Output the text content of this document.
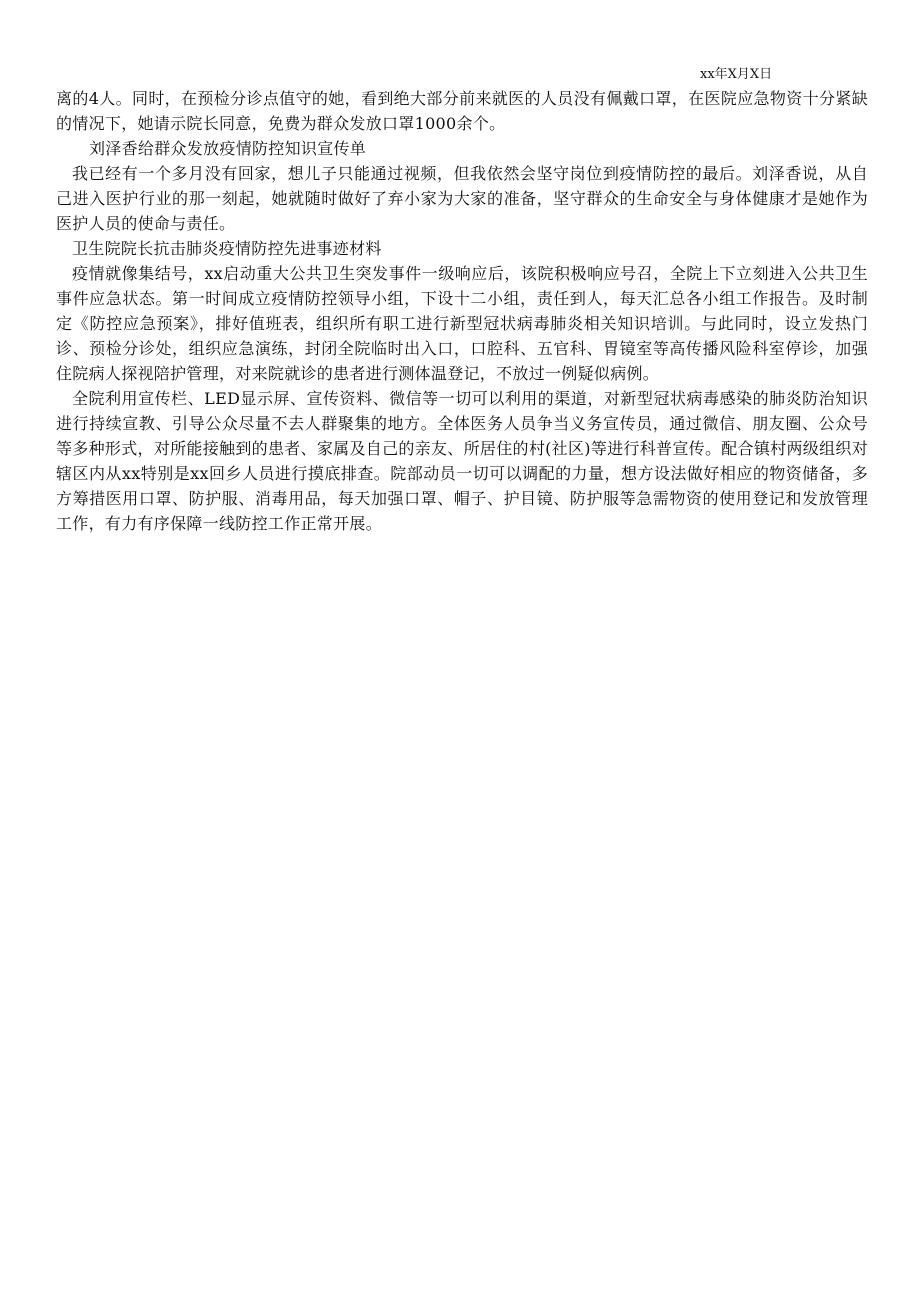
xx年X月X日

离的4人。同时，在预检分诊点值守的她，看到绝大部分前来就医的人员没有佩戴口罩，在医院应急物资十分紧缺的情况下，她请示院长同意，免费为群众发放口罩1000余个。

刘泽香给群众发放疫情防控知识宣传单

我已经有一个多月没有回家，想儿子只能通过视频，但我依然会坚守岗位到疫情防控的最后。刘泽香说，从自己进入医护行业的那一刻起，她就随时做好了弃小家为大家的准备，坚守群众的生命安全与身体健康才是她作为医护人员的使命与责任。

卫生院院长抗击肺炎疫情防控先进事迹材料

疫情就像集结号，xx启动重大公共卫生突发事件一级响应后，该院积极响应号召，全院上下立刻进入公共卫生事件应急状态。第一时间成立疫情防控领导小组，下设十二小组，责任到人，每天汇总各小组工作报告。及时制定《防控应急预案》，排好值班表，组织所有职工进行新型冠状病毒肺炎相关知识培训。与此同时，设立发热门诊、预检分诊处，组织应急演练，封闭全院临时出入口，口腔科、五官科、胃镜室等高传播风险科室停诊，加强住院病人探视陪护管理，对来院就诊的患者进行测体温登记，不放过一例疑似病例。

全院利用宣传栏、LED显示屏、宣传资料、微信等一切可以利用的渠道，对新型冠状病毒感染的肺炎防治知识进行持续宣教、引导公众尽量不去人群聚集的地方。全体医务人员争当义务宣传员，通过微信、朋友圈、公众号等多种形式，对所能接触到的患者、家属及自己的亲友、所居住的村(社区)等进行科普宣传。配合镇村两级组织对辖区内从xx特别是xx回乡人员进行摸底排查。院部动员一切可以调配的力量，想方设法做好相应的物资储备，多方筹措医用口罩、防护服、消毒用品，每天加强口罩、帽子、护目镜、防护服等急需物资的使用登记和发放管理工作，有力有序保障一线防控工作正常开展。
